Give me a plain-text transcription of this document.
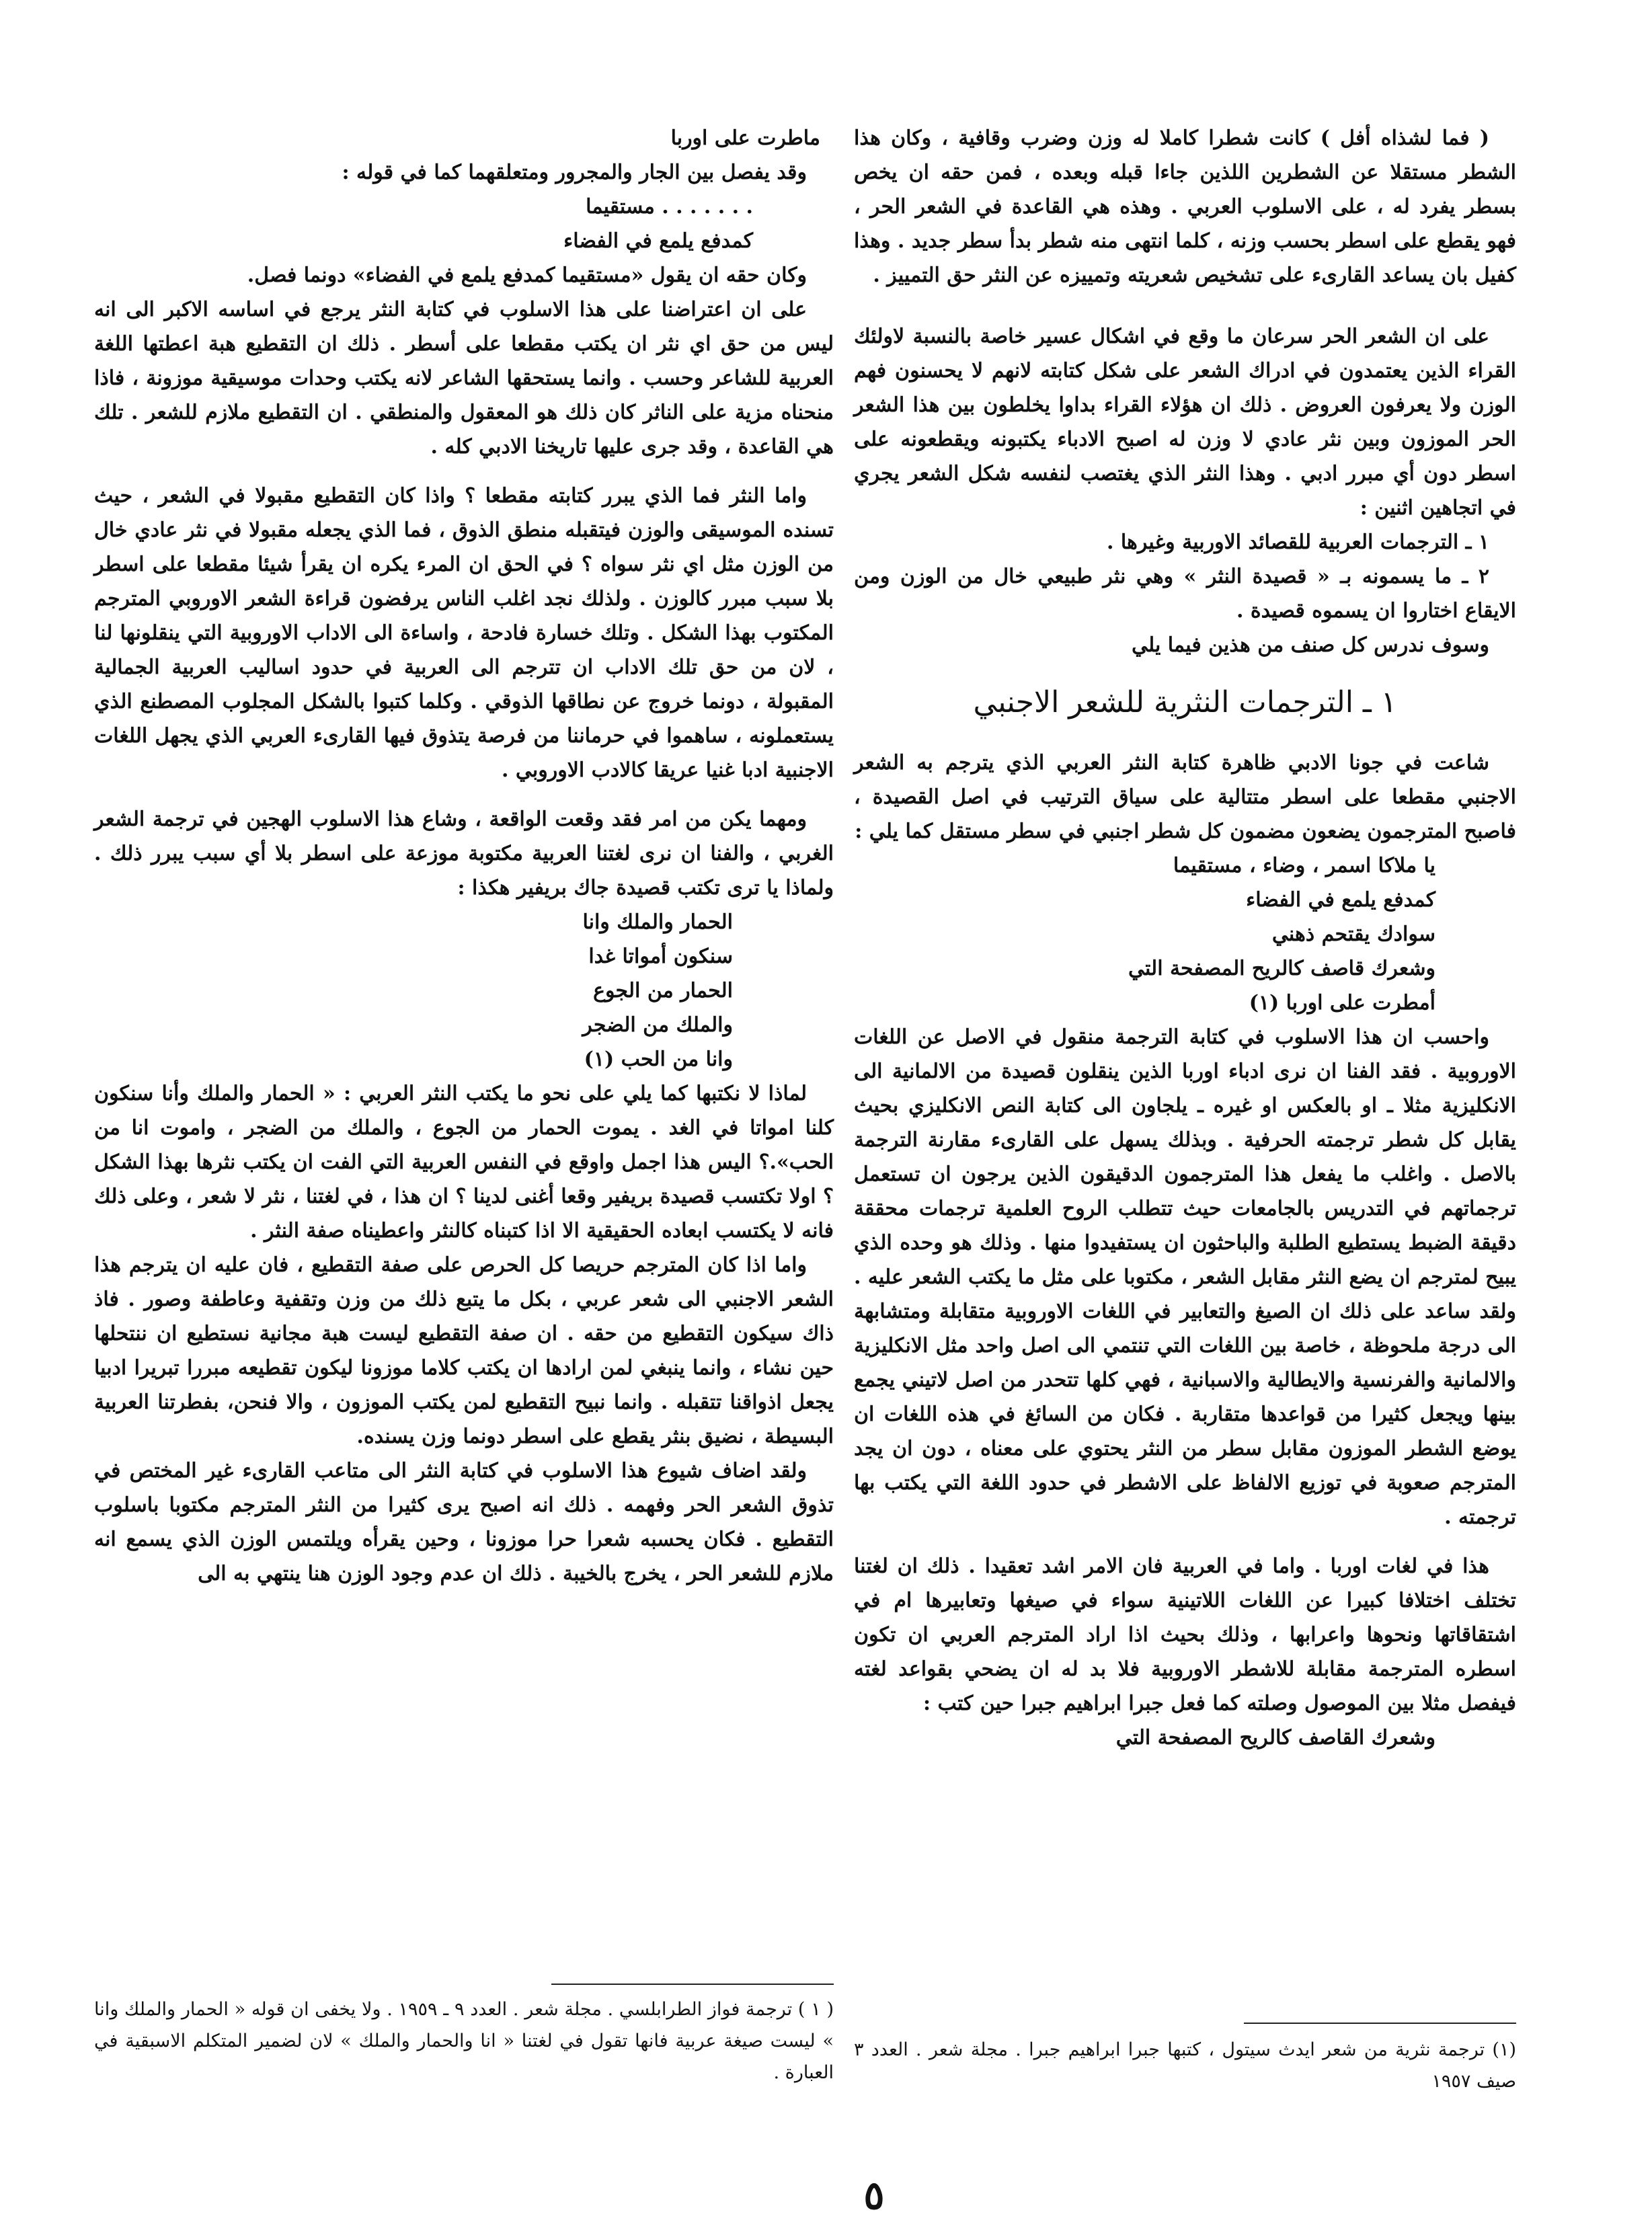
( فما لشذاه أفل ) كانت شطرا كاملا له وزن وضرب وقافية ، وكان هذا الشطر مستقلا عن الشطرين اللذين جاءا قبله وبعده ، فمن حقه ان يخص بسطر يفرد له ، على الاسلوب العربي . وهذه هي القاعدة في الشعر الحر ، فهو يقطع على اسطر بحسب وزنه ، كلما انتهى منه شطر بدأ سطر جديد . وهذا كفيل بان يساعد القارىء على تشخيص شعريته وتمييزه عن النثر حق التمييز .

على ان الشعر الحر سرعان ما وقع في اشكال عسير خاصة بالنسبة لاولئك القراء الذين يعتمدون في ادراك الشعر على شكل كتابته لانهم لا يحسنون فهم الوزن ولا يعرفون العروض . ذلك ان هؤلاء القراء بداوا يخلطون بين هذا الشعر الحر الموزون وبين نثر عادي لا وزن له اصبح الادباء يكتبونه ويقطعونه على اسطر دون أي مبرر ادبي . وهذا النثر الذي يغتصب لنفسه شكل الشعر يجري في اتجاهين اثنين :

١ ـ الترجمات العربية للقصائد الاوربية وغيرها .

٢ ـ ما يسمونه بـ « قصيدة النثر » وهي نثر طبيعي خال من الوزن ومن الايقاع اختاروا ان يسموه قصيدة .

وسوف ندرس كل صنف من هذين فيما يلي

١ ـ الترجمات النثرية للشعر الاجنبي

شاعت في جونا الادبي ظاهرة كتابة النثر العربي الذي يترجم به الشعر الاجنبي مقطعا على اسطر متتالية على سياق الترتيب في اصل القصيدة ، فاصبح المترجمون يضعون مضمون كل شطر اجنبي في سطر مستقل كما يلي :

يا ملاكا اسمر ، وضاء ، مستقيما

كمدفع يلمع في الفضاء

سوادك يقتحم ذهني

وشعرك قاصف كالريح المصفحة التي

أمطرت على اوربا (١)

واحسب ان هذا الاسلوب في كتابة الترجمة منقول في الاصل عن اللغات الاوروبية . فقد الفنا ان نرى ادباء اوربا الذين ينقلون قصيدة من الالمانية الى الانكليزية مثلا ـ او بالعكس او غيره ـ يلجاون الى كتابة النص الانكليزي بحيث يقابل كل شطر ترجمته الحرفية . وبذلك يسهل على القارىء مقارنة الترجمة بالاصل . واغلب ما يفعل هذا المترجمون الدقيقون الذين يرجون ان تستعمل ترجماتهم في التدريس بالجامعات حيث تتطلب الروح العلمية ترجمات محققة دقيقة الضبط يستطيع الطلبة والباحثون ان يستفيدوا منها . وذلك هو وحده الذي يبيح لمترجم ان يضع النثر مقابل الشعر ، مكتوبا على مثل ما يكتب الشعر عليه . ولقد ساعد على ذلك ان الصيغ والتعابير في اللغات الاوروبية متقابلة ومتشابهة الى درجة ملحوظة ، خاصة بين اللغات التي تنتمي الى اصل واحد مثل الانكليزية والالمانية والفرنسية والايطالية والاسبانية ، فهي كلها تتحدر من اصل لاتيني يجمع بينها ويجعل كثيرا من قواعدها متقاربة . فكان من السائغ في هذه اللغات ان يوضع الشطر الموزون مقابل سطر من النثر يحتوي على معناه ، دون ان يجد المترجم صعوبة في توزيع الالفاظ على الاشطر في حدود اللغة التي يكتب بها ترجمته .

هذا في لغات اوربا . واما في العربية فان الامر اشد تعقيدا . ذلك ان لغتنا تختلف اختلافا كبيرا عن اللغات اللاتينية سواء في صيغها وتعابيرها ام في اشتقاقاتها ونحوها واعرابها ، وذلك بحيث اذا اراد المترجم العربي ان تكون اسطره المترجمة مقابلة للاشطر الاوروبية فلا بد له ان يضحي بقواعد لغته فيفصل مثلا بين الموصول وصلته كما فعل جبرا ابراهيم جبرا حين كتب :

وشعرك القاصف كالريح المصفحة التي

(١) ترجمة نثرية من شعر ايدث سيتول ، كتبها جبرا ابراهيم جبرا . مجلة شعر . العدد ٣ صيف ١٩٥٧

ماطرت على اوربا

وقد يفصل بين الجار والمجرور ومتعلقهما كما في قوله :

. . . . . . . مستقيما

كمدفع يلمع في الفضاء

وكان حقه ان يقول «مستقيما كمدفع يلمع في الفضاء» دونما فصل.

على ان اعتراضنا على هذا الاسلوب في كتابة النثر يرجع في اساسه الاكبر الى انه ليس من حق اي نثر ان يكتب مقطعا على أسطر . ذلك ان التقطيع هبة اعطتها اللغة العربية للشاعر وحسب . وانما يستحقها الشاعر لانه يكتب وحدات موسيقية موزونة ، فاذا منحناه مزية على الناثر كان ذلك هو المعقول والمنطقي . ان التقطيع ملازم للشعر . تلك هي القاعدة ، وقد جرى عليها تاريخنا الادبي كله .

واما النثر فما الذي يبرر كتابته مقطعا ؟ واذا كان التقطيع مقبولا في الشعر ، حيث تسنده الموسيقى والوزن فيتقبله منطق الذوق ، فما الذي يجعله مقبولا في نثر عادي خال من الوزن مثل اي نثر سواه ؟ في الحق ان المرء يكره ان يقرأ شيئا مقطعا على اسطر بلا سبب مبرر كالوزن . ولذلك نجد اغلب الناس يرفضون قراءة الشعر الاوروبي المترجم المكتوب بهذا الشكل . وتلك خسارة فادحة ، واساءة الى الاداب الاوروبية التي ينقلونها لنا ، لان من حق تلك الاداب ان تترجم الى العربية في حدود اساليب العربية الجمالية المقبولة ، دونما خروج عن نطاقها الذوقي . وكلما كتبوا بالشكل المجلوب المصطنع الذي يستعملونه ، ساهموا في حرماننا من فرصة يتذوق فيها القارىء العربي الذي يجهل اللغات الاجنبية ادبا غنيا عريقا كالادب الاوروبي .

ومهما يكن من امر فقد وقعت الواقعة ، وشاع هذا الاسلوب الهجين في ترجمة الشعر الغربي ، والفنا ان نرى لغتنا العربية مكتوبة موزعة على اسطر بلا أي سبب يبرر ذلك . ولماذا يا ترى تكتب قصيدة جاك بريفير هكذا :

الحمار والملك وانا

سنكون أمواتا غدا

الحمار من الجوع

والملك من الضجر

وانا من الحب (١)

لماذا لا نكتبها كما يلي على نحو ما يكتب النثر العربي : « الحمار والملك وأنا سنكون كلنا امواتا في الغد . يموت الحمار من الجوع ، والملك من الضجر ، واموت انا من الحب».؟ اليس هذا اجمل واوقع في النفس العربية التي الفت ان يكتب نثرها بهذا الشكل ؟ اولا تكتسب قصيدة بريفير وقعا أغنى لدينا ؟ ان هذا ، في لغتنا ، نثر لا شعر ، وعلى ذلك فانه لا يكتسب ابعاده الحقيقية الا اذا كتبناه كالنثر واعطيناه صفة النثر .

واما اذا كان المترجم حريصا كل الحرص على صفة التقطيع ، فان عليه ان يترجم هذا الشعر الاجنبي الى شعر عربي ، بكل ما يتبع ذلك من وزن وتقفية وعاطفة وصور . فاذ ذاك سيكون التقطيع من حقه . ان صفة التقطيع ليست هبة مجانية نستطيع ان ننتحلها حين نشاء ، وانما ينبغي لمن ارادها ان يكتب كلاما موزونا ليكون تقطيعه مبررا تبريرا ادبيا يجعل اذواقنا تتقبله . وانما نبيح التقطيع لمن يكتب الموزون ، والا فنحن، بفطرتنا العربية البسيطة ، نضيق بنثر يقطع على اسطر دونما وزن يسنده.

ولقد اضاف شيوع هذا الاسلوب في كتابة النثر الى متاعب القارىء غير المختص في تذوق الشعر الحر وفهمه . ذلك انه اصبح يرى كثيرا من النثر المترجم مكتوبا باسلوب التقطيع . فكان يحسبه شعرا حرا موزونا ، وحين يقرأه ويلتمس الوزن الذي يسمع انه ملازم للشعر الحر ، يخرج بالخيبة . ذلك ان عدم وجود الوزن هنا ينتهي به الى

( ١ ) ترجمة فواز الطرابلسي . مجلة شعر . العدد ٩ ـ ١٩٥٩ . ولا يخفى ان قوله « الحمار والملك وانا » ليست صيغة عربية فانها تقول في لغتنا « انا والحمار والملك » لان لضمير المتكلم الاسبقية في العبارة .
٥
